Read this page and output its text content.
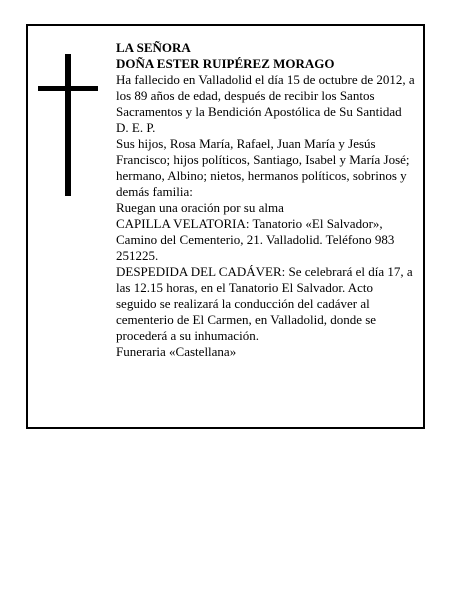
LA SEÑORA
DOÑA ESTER RUIPÉREZ MORAGO
Ha fallecido en Valladolid el día 15 de octubre de 2012, a los 89 años de edad, después de recibir los Santos Sacramentos y la Bendición Apostólica de Su Santidad D. E. P.
Sus hijos, Rosa María, Rafael, Juan María y Jesús Francisco; hijos políticos, Santiago, Isabel y María José; hermano, Albino; nietos, hermanos políticos, sobrinos y demás familia:
Ruegan una oración por su alma
CAPILLA VELATORIA: Tanatorio «El Salvador», Camino del Cementerio, 21. Valladolid. Teléfono 983 251225.
DESPEDIDA DEL CADÁVER: Se celebrará el día 17, a las 12.15 horas, en el Tanatorio El Salvador. Acto seguido se realizará la conducción del cadáver al cementerio de El Carmen, en Valladolid, donde se procederá a su inhumación.
Funeraria «Castellana»
